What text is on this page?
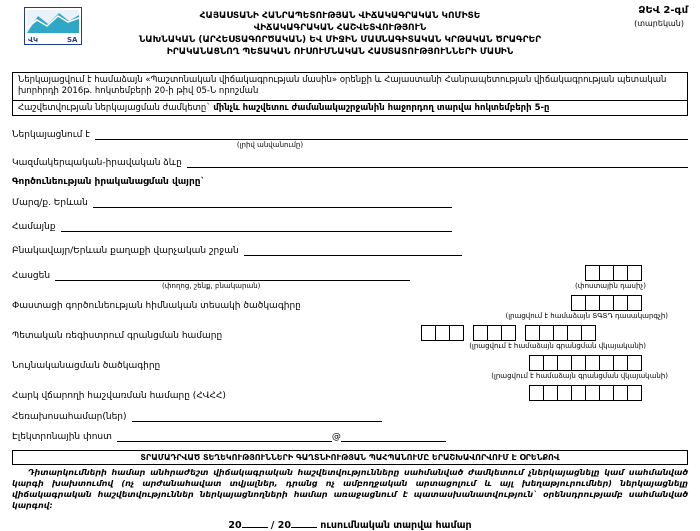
ՎԿ	SA
ՀԱՅԱՍՏԱՆԻ ՀԱՆՐԱՊԵՏՈՒԹՅԱՆ ՎԻՃԱԿԱԳՐԱԿԱՆ ԿՈՄԻՏԵ
ՎԻՃԱԿԱԳՐԱԿԱՆ ՀԱՇՎԵՏՎՈՒԹՅՈՒՆ
ՆԱԽՆԱԿԱՆ (ԱՐՀԵՍՏԱԳՈՐԾԱԿԱՆ) ԵՎ ՄԻՋԻՆ ՄԱՍՆԱԳԻՏԱԿԱՆ ԿՐԹԱԿԱՆ ԾՐԱԳՐԵՐ
ԻՐԱԿԱՆԱՑՆՈՂ ՊԵՏԱԿԱՆ ՈՒՍՈՒՄՆԱԿԱՆ ՀԱՍՏԱՏՈՒԹՅՈՒՆՆԵՐԻ ՄԱՍԻՆ
ՁԵՎ 2-գմ
(տարեկան)
Ներկայացվում է համաձայն «Պաշտոնական վիճակագրության մասին» օրենքի և Հայաստանի Հանրապետության վիճակագրության պետական խորհրդի 2016թ. հոկտեմբերի 20-ի թիվ 05-Ն որոշման
Հաշվետվության ներկայացման ժամկետը` մինչև հաշվետու ժամանակաշրջանին հաջորդող տարվա հոկտեմբերի 5-ը
Ներկայացնում է
(լրիվ անվանումը)
Կազմակերպական-իրավական ձևը
Գործունեության իրականացման վայրը`
Մարզ/ք. Երևան
Համայնք
Բնակավայր/Երևան քաղաքի վարչական շրջան
Հասցեն
(փողոց, շենք, բնակարան)	(փոստային դասիչ)
Փաստացի գործունեության հիմնական տեսակի ծածկագիրը
(լրացվում է համաձայն ՏԳՏԴ դասակարգչի)
Պետական ռեգիստրում գրանցման համարը
(լրացվում է համաձայն գրանցման վկայականի)
Նույնականացման ծածկագիրը
(լրացվում է համաձայն գրանցման վկայականի)
Հարկ վճարողի հաշվառման համարը (ՀՎՀՀ)
Հեռախոսահամար(ներ)
Էլեկտրոնային փոստ	@
ՏՐԱՄԱԴՐՎԱԾ ՏԵՂԵԿՈՒԹՅՈՒՆՆԵՐԻ ԳԱՂՏՆԻՈՒԹՅԱՆ ՊԱՀՊԱՆՈՒՄԸ ԵՐԱՇԽԱՎՈՐՎՈՒՄ Է ՕՐԵՆՔՈՎ
Դիտարկումների համար անհրաժեշտ վիճակագրական հաշվետվությունները սահմանված ժամկետում չներկայացնելը կամ սահմանված կարգի խախտումով (ոչ արժանահավատ տվյալներ, դրանց ոչ ամբողջական արտացոլում և այլ խեղաթյուրումներ) ներկայացնելը վիճակագրական հաշվետվություններ ներկայացնողների համար առաջացնում է պատասխանատվություն` օրենսդրությամբ սահմանված կարգով:
20	/ 20	ուսումնական տարվա համար
